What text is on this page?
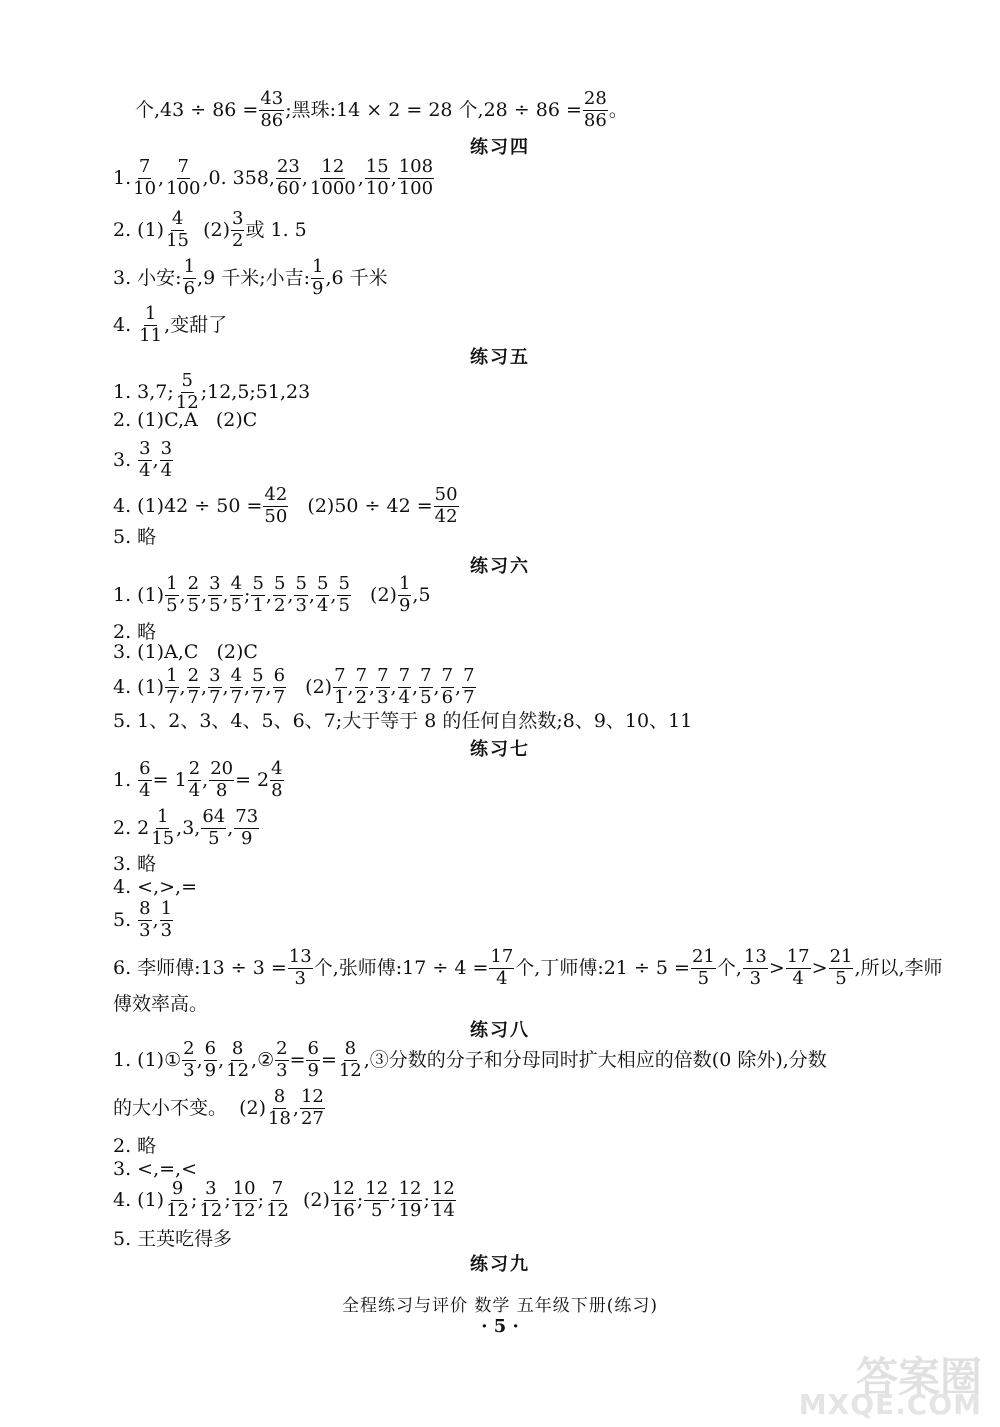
个$,43 \div 86 = \frac{43}{86}$ ;黑珠:14 × 2 = 28 个$,28 \div 86 = \frac{28}{86}$ 。
练习四
1. $\frac{7}{10}$ , $\frac{7}{100} ,0$. 358, $\frac{23}{60}$ , $\frac{12}{1000}$ , $\frac{15}{10}$ , $\frac{108}{100}$
2. $(1) \frac{4}{15} (2) \frac{3}{2}$ 或 1. 5
3. 小安: $\frac{1}{6} ,9$ 千米;小吉: $\frac{1}{9} ,6$ 千米
4. $\frac{1}{11}$ ,变甜了
练习五
1. 3,7; $\frac{5}{12}$ ;12,5;51,23
2. (1)C,A   (2)C
3. $\frac{3}{4}$ , $\frac{3}{4}$
4. $(1)42 \div 50 = \frac{42}{50} (2)50 \div 42 = \frac{50}{42}$
5. 略
练习六
1. $(1) \frac{1}{5}$ , $\frac{2}{5}$ , $\frac{3}{5}$ , $\frac{4}{5}$ ; $\frac{5}{1}$ , $\frac{5}{2}$ , $\frac{5}{3}$ , $\frac{5}{4}$ , $\frac{5}{5} (2) \frac{1}{9} ,5$
2. 略
3. (1)A,C   (2)C
4. $(1) \frac{1}{7}$ , $\frac{2}{7}$ , $\frac{3}{7}$ , $\frac{4}{7}$ , $\frac{5}{7}$ , $\frac{6}{7} (2) \frac{7}{1}$ , $\frac{7}{2}$ , $\frac{7}{3}$ , $\frac{7}{4}$ , $\frac{7}{5}$ , $\frac{7}{6}$ , $\frac{7}{7}$
5. 1、2、3、4、5、6、7;大于等于 8 的任何自然数;8、9、10、11
练习七
1. $\frac{6}{4} = 1 \frac{2}{4}$ , $\frac{20}{8} = 2 \frac{4}{8}$
2. $2 \frac{1}{15} ,3$, $\frac{64}{5}$ , $\frac{73}{9}$
3. 略
4. <,>,=
5. $\frac{8}{3}$ , $\frac{1}{3}$
6. 李师傅:13 ÷ $3 = \frac{13}{3}$ 个,张师傅:17 ÷ $4 = \frac{17}{4}$ 个,丁师傅:21 ÷ $5 = \frac{21}{5}$ 个, $\frac{13}{3} > \frac{17}{4} > \frac{21}{5}$ ,所以,李师
傅效率高。
练习八
1. (1)① $\frac{2}{3}$ , $\frac{6}{9}$ , $\frac{8}{12}$ ,② $\frac{2}{3} = \frac{6}{9} = \frac{8}{12}$ ,③分数的分子和分母同时扩大相应的倍数(0 除外),分数
的大小不变。  $(2) \frac{8}{18}$ , $\frac{12}{27}$
2. 略
3. <,=,<
4. $(1) \frac{9}{12}$ ; $\frac{3}{12}$ ; $\frac{10}{12}$ ; $\frac{7}{12} (2) \frac{12}{16}$ ; $\frac{12}{5}$ ; $\frac{12}{19}$ ; $\frac{12}{14}$
5. 王英吃得多
练习九
全程练习与评价 数学 五年级下册(练习)
· 5 ·
答案圈
MXQE.COM
